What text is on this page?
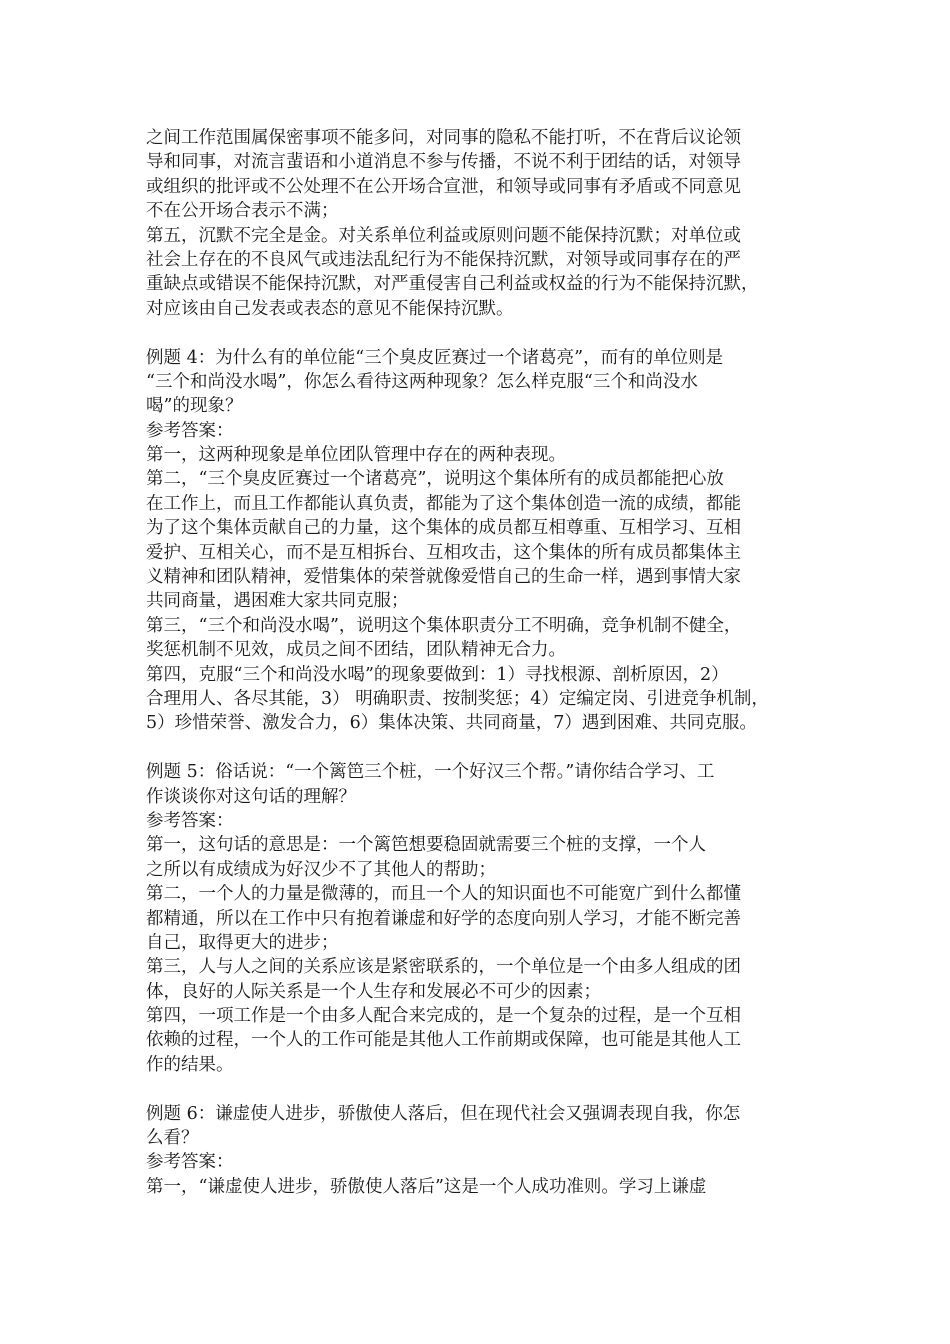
之间工作范围属保密事项不能多问，对同事的隐私不能打听，不在背后议论领
导和同事，对流言蜚语和小道消息不参与传播，不说不利于团结的话，对领导
或组织的批评或不公处理不在公开场合宣泄，和领导或同事有矛盾或不同意见
不在公开场合表示不满；
第五，沉默不完全是金。对关系单位利益或原则问题不能保持沉默；对单位或
社会上存在的不良风气或违法乱纪行为不能保持沉默，对领导或同事存在的严
重缺点或错误不能保持沉默，对严重侵害自己利益或权益的行为不能保持沉默，
对应该由自己发表或表态的意见不能保持沉默。
例题 4：为什么有的单位能“三个臭皮匠赛过一个诸葛亮”，而有的单位则是
“三个和尚没水喝”，你怎么看待这两种现象？怎么样克服“三个和尚没水
喝”的现象？
参考答案：
第一，这两种现象是单位团队管理中存在的两种表现。
第二，“三个臭皮匠赛过一个诸葛亮”，说明这个集体所有的成员都能把心放
在工作上，而且工作都能认真负责，都能为了这个集体创造一流的成绩，都能
为了这个集体贡献自己的力量，这个集体的成员都互相尊重、互相学习、互相
爱护、互相关心，而不是互相拆台、互相攻击，这个集体的所有成员都集体主
义精神和团队精神，爱惜集体的荣誉就像爱惜自己的生命一样，遇到事情大家
共同商量，遇困难大家共同克服；
第三，“三个和尚没水喝”，说明这个集体职责分工不明确，竞争机制不健全，
奖惩机制不见效，成员之间不团结，团队精神无合力。
第四，克服“三个和尚没水喝”的现象要做到：1）寻找根源、剖析原因，2）
合理用人、各尽其能，3） 明确职责、按制奖惩；4）定编定岗、引进竞争机制，
5）珍惜荣誉、激发合力，6）集体决策、共同商量，7）遇到困难、共同克服。
例题 5：俗话说：“一个篱笆三个桩，一个好汉三个帮。”请你结合学习、工
作谈谈你对这句话的理解？
参考答案：
第一，这句话的意思是：一个篱笆想要稳固就需要三个桩的支撑，一个人
之所以有成绩成为好汉少不了其他人的帮助；
第二，一个人的力量是微薄的，而且一个人的知识面也不可能宽广到什么都懂
都精通，所以在工作中只有抱着谦虚和好学的态度向别人学习，才能不断完善
自己，取得更大的进步；
第三，人与人之间的关系应该是紧密联系的，一个单位是一个由多人组成的团
体，良好的人际关系是一个人生存和发展必不可少的因素；
第四，一项工作是一个由多人配合来完成的，是一个复杂的过程，是一个互相
依赖的过程，一个人的工作可能是其他人工作前期或保障，也可能是其他人工
作的结果。
例题 6：谦虚使人进步，骄傲使人落后，但在现代社会又强调表现自我，你怎
么看？
参考答案：
第一，“谦虚使人进步，骄傲使人落后”这是一个人成功准则。学习上谦虚
